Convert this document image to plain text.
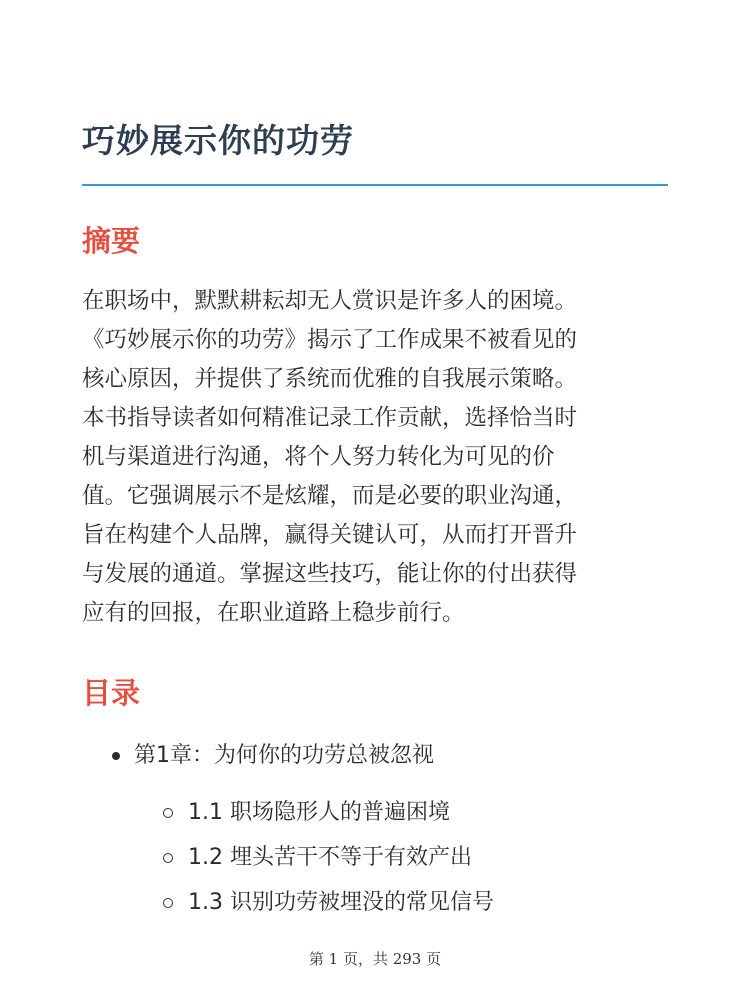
巧妙展示你的功劳
摘要

在职场中，默默耕耘却无人赏识是许多人的困境。
《巧妙展示你的功劳》揭示了工作成果不被看见的
核心原因，并提供了系统而优雅的自我展示策略。
本书指导读者如何精准记录工作贡献，选择恰当时
机与渠道进行沟通，将个人努力转化为可见的价
值。它强调展示不是炫耀，而是必要的职业沟通，
旨在构建个人品牌，赢得关键认可，从而打开晋升
与发展的通道。掌握这些技巧，能让你的付出获得
应有的回报，在职业道路上稳步前行。

目录
第1章：为何你的功劳总被忽视
1.1 职场隐形人的普遍困境
1.2 埋头苦干不等于有效产出
1.3 识别功劳被埋没的常见信号
第 1 页，共 293 页
